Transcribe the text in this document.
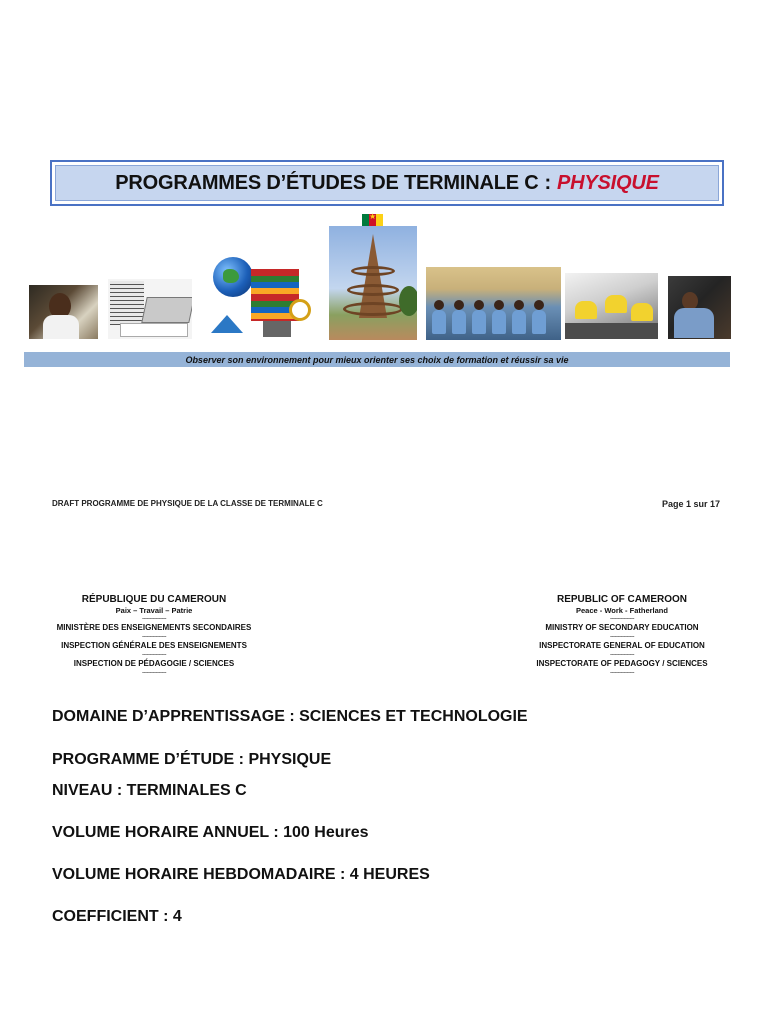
PROGRAMMES D’ÉTUDES DE TERMINALE C : PHYSIQUE
★
Observer son environnement pour mieux orienter ses choix de formation et réussir sa vie
DRAFT PROGRAMME DE PHYSIQUE DE LA CLASSE DE TERMINALE C	Page 1 sur 17
RÉPUBLIQUE DU CAMEROUN
Paix – Travail – Patrie
----------------
MINISTÈRE DES ENSEIGNEMENTS SECONDAIRES
----------------
INSPECTION GÉNÉRALE DES ENSEIGNEMENTS
----------------
INSPECTION DE PÉDAGOGIE / SCIENCES
----------------
REPUBLIC OF CAMEROON
Peace - Work - Fatherland
----------------
MINISTRY OF SECONDARY EDUCATION
----------------
INSPECTORATE GENERAL OF EDUCATION
----------------
INSPECTORATE OF PEDAGOGY / SCIENCES
----------------
DOMAINE D’APPRENTISSAGE : SCIENCES ET TECHNOLOGIE
PROGRAMME D’ÉTUDE : PHYSIQUE
NIVEAU : TERMINALES C
VOLUME HORAIRE ANNUEL : 100 Heures
VOLUME HORAIRE HEBDOMADAIRE : 4 HEURES
COEFFICIENT : 4
